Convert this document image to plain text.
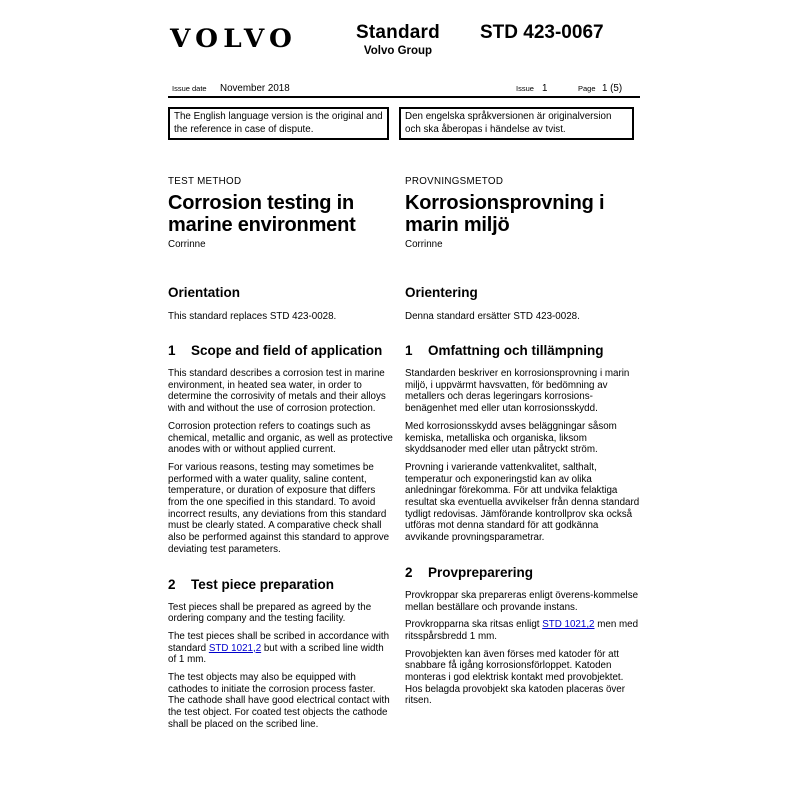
VOLVO	Standard
Volvo Group
STD 423-0067
Issue date November 2018	Issue 1	Page 1 (5)
The English language version is the original and the reference in case of dispute.
Den engelska språkversionen är originalversion och ska åberopas i händelse av tvist.
TEST METHOD
Corrosion testing in marine environment
Corrinne
Orientation
This standard replaces STD 423-0028.
1	Scope and field of application

This standard describes a corrosion test in marine environment, in heated sea water, in order to determine the corrosivity of metals and their alloys with and without the use of corrosion protection.

Corrosion protection refers to coatings such as chemical, metallic and organic, as well as protective anodes with or without applied current.

For various reasons, testing may sometimes be performed with a water quality, saline content, temperature, or duration of exposure that differs from the one specified in this standard. To avoid incorrect results, any deviations from this standard must be clearly stated. A comparative check shall also be performed against this standard to approve deviating test parameters.

2	Test piece preparation

Test pieces shall be prepared as agreed by the ordering company and the testing facility.

The test pieces shall be scribed in accordance with standard STD 1021,2 but with a scribed line width of 1 mm.

The test objects may also be equipped with cathodes to initiate the corrosion process faster. The cathode shall have good electrical contact with the test object. For coated test objects the cathode shall be placed on the scribed line.

PROVNINGSMETOD
Korrosionsprovning i marin miljö
Corrinne
Orientering
Denna standard ersätter STD 423-0028.
1	Omfattning och tillämpning

Standarden beskriver en korrosionsprovning i marin miljö, i uppvärmt havsvatten, för bedömning av metallers och deras legeringars korrosions-benägenhet med eller utan korrosionsskydd.

Med korrosionsskydd avses beläggningar såsom kemiska, metalliska och organiska, liksom skyddsanoder med eller utan påtryckt ström.

Provning i varierande vattenkvalitet, salthalt, temperatur och exponeringstid kan av olika anledningar förekomma. För att undvika felaktiga resultat ska eventuella avvikelser från denna standard tydligt redovisas. Jämförande kontrollprov ska också utföras mot denna standard för att godkänna avvikande provningsparametrar.

2	Provpreparering

Provkroppar ska prepareras enligt överens-kommelse mellan beställare och provande instans.

Provkropparna ska ritsas enligt STD 1021,2 men med ritsspårsbredd 1 mm.

Provobjekten kan även förses med katoder för att snabbare få igång korrosionsförloppet. Katoden monteras i god elektrisk kontakt med provobjektet. Hos belagda provobjekt ska katoden placeras över ritsen.
